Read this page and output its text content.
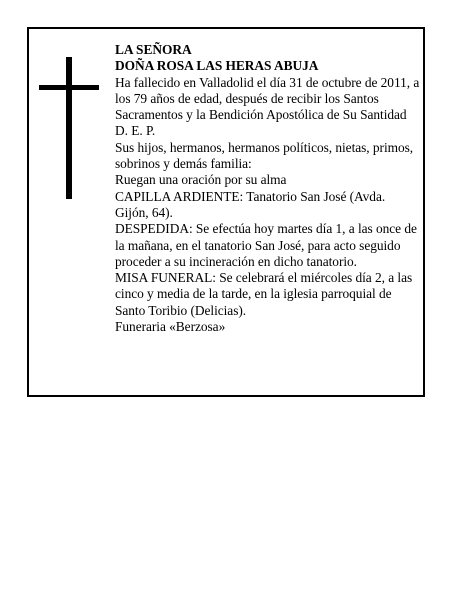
LA SEÑORA

DOÑA ROSA LAS HERAS ABUJA

Ha fallecido en Valladolid el día 31 de octubre de 2011, a los 79 años de edad, después de recibir los Santos Sacramentos y la Bendición Apostólica de Su Santidad D. E. P.

Sus hijos, hermanos, hermanos políticos, nietas, primos, sobrinos y demás familia:

Ruegan una oración por su alma

CAPILLA ARDIENTE: Tanatorio San José (Avda. Gijón, 64).

DESPEDIDA: Se efectúa hoy martes día 1, a las once de la mañana, en el tanatorio San José, para acto seguido proceder a su incineración en dicho tanatorio.

MISA FUNERAL: Se celebrará el miércoles día 2, a las cinco y media de la tarde, en la iglesia parroquial de Santo Toribio (Delicias).

Funeraria «Berzosa»
